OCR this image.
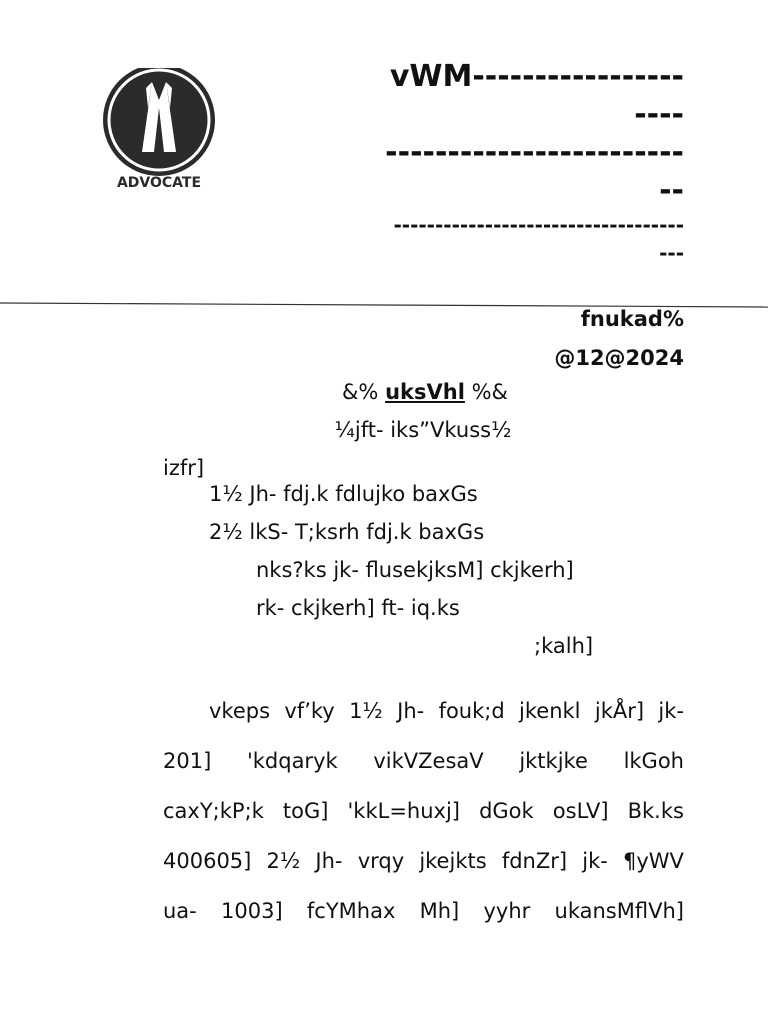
ADVOCATE
vWM-----------------
----
------------------------
--
-----------------------------------
---
fnukad%
@12@2024
&% uksVhl %&
¼jft- iks”Vkuss½
izfr]
1½ Jh- fdj.k fdlujko baxGs
2½ lkS- T;ksrh fdj.k baxGs
nks?ks jk- flusekjksM] ckjkerh]
rk- ckjkerh] ft- iq.ks
;kalh]
vkeps vf’ky 1½ Jh- fouk;d jkenkl jkÅr] jk-
201] 'kdqaryk vikVZesaV jktkjke lkGoh
caxY;kP;k toG] 'kkL=huxj] dGok osLV] Bk.ks
400605] 2½ Jh- vrqy jkejkts fdnZr] jk- ¶yWV
ua- 1003] fcYMhax Mh] yyhr ukansMflVh]
